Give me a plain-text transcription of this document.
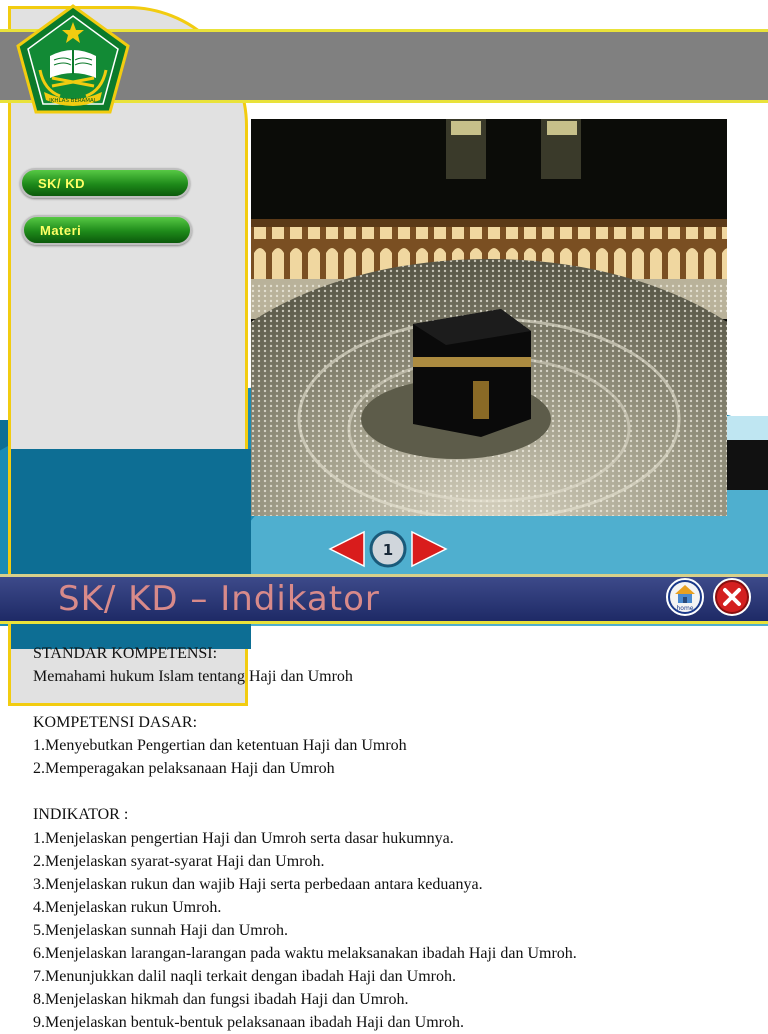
IKHLAS BERAMAL
SK/ KD
Materi
1
SK/ KD – Indikator	home

STANDAR KOMPETENSI:

Memahami hukum Islam tentang Haji dan Umroh

KOMPETENSI DASAR:

1.Menyebutkan Pengertian dan ketentuan Haji dan Umroh

2.Memperagakan pelaksanaan Haji dan Umroh

INDIKATOR :

1.Menjelaskan pengertian Haji dan Umroh serta dasar hukumnya.

2.Menjelaskan syarat-syarat Haji dan Umroh.

3.Menjelaskan rukun dan wajib Haji serta perbedaan antara keduanya.

4.Menjelaskan rukun Umroh.

5.Menjelaskan sunnah Haji dan Umroh.

6.Menjelaskan larangan-larangan pada waktu melaksanakan ibadah Haji dan Umroh.

7.Menunjukkan dalil naqli terkait dengan ibadah Haji dan Umroh.

8.Menjelaskan hikmah dan fungsi ibadah Haji dan Umroh.

9.Menjelaskan bentuk-bentuk pelaksanaan ibadah Haji dan Umroh.
